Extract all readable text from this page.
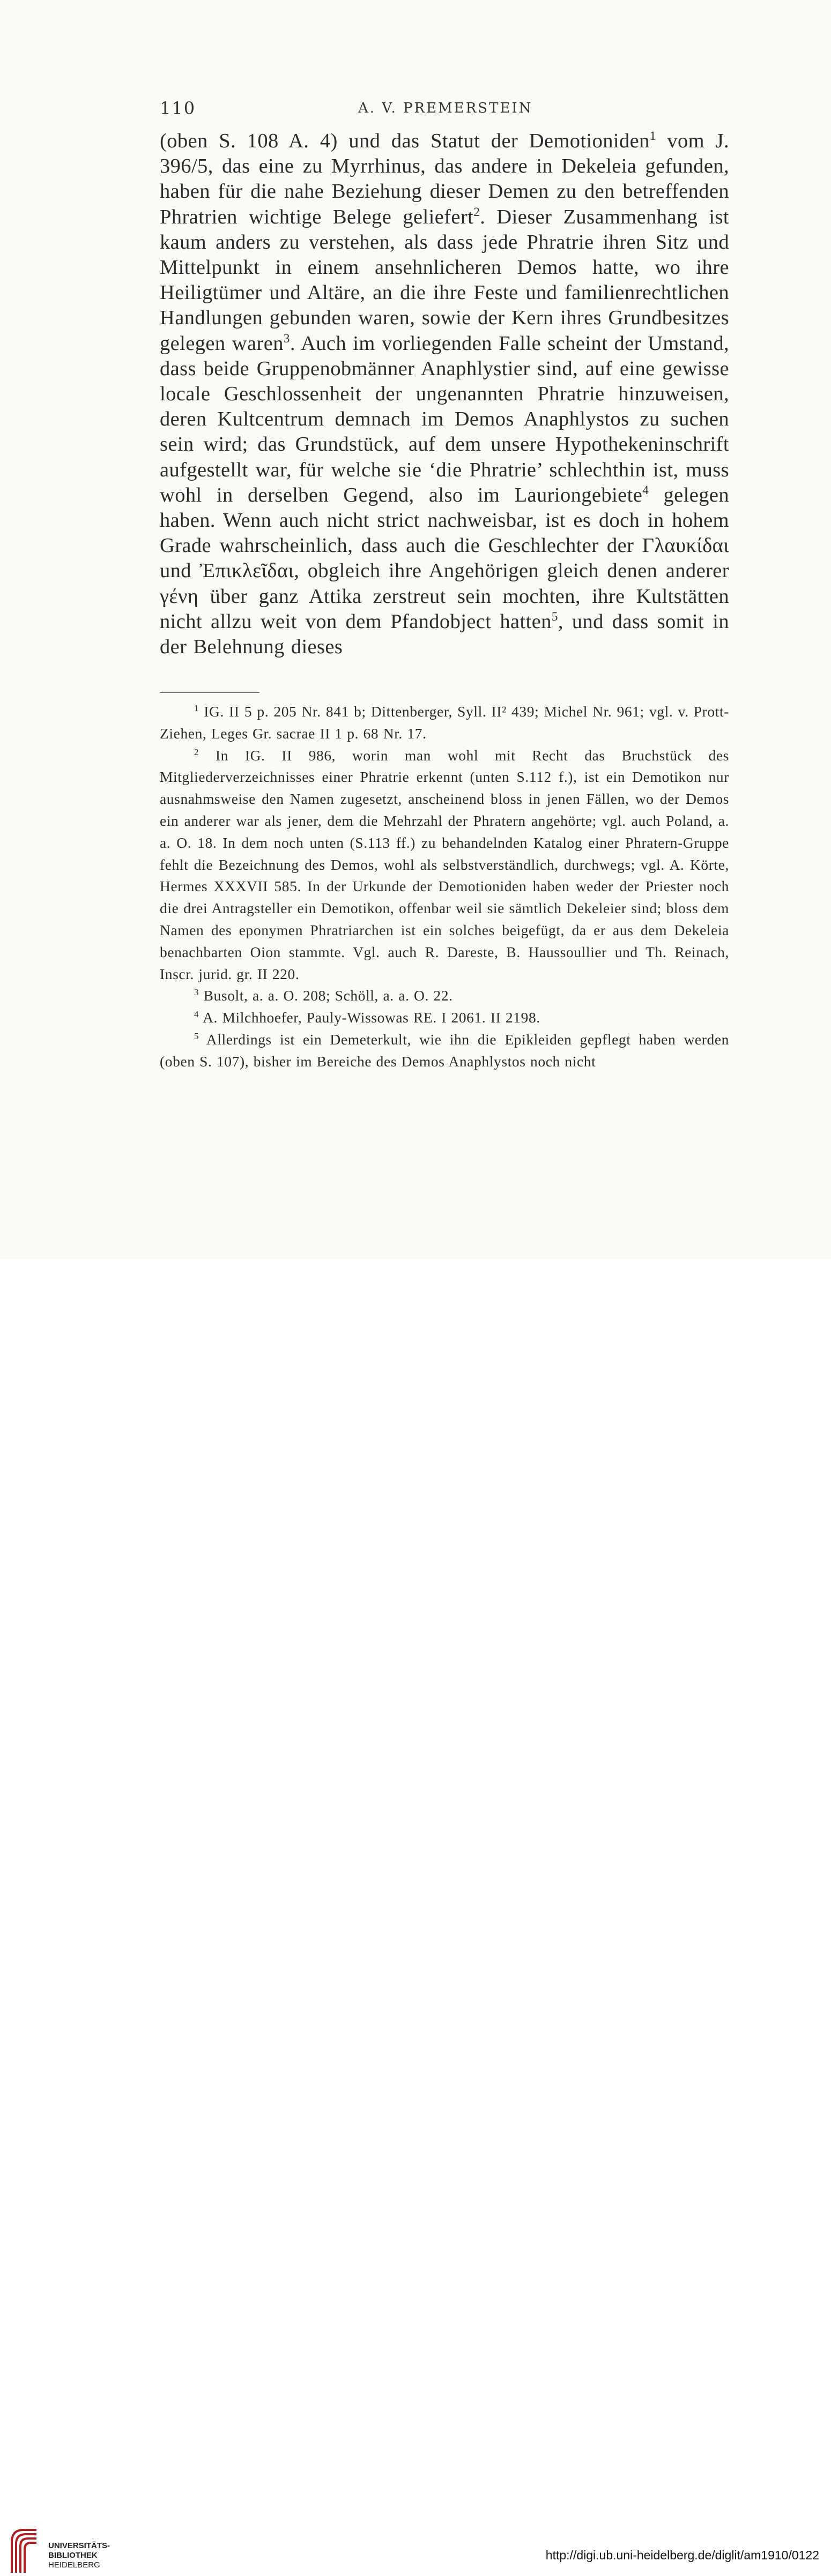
110	A. V. PREMERSTEIN

(oben S. 108 A. 4) und das Statut der Demotioniden$^1$ vom J. 396/5, das eine zu Myrrhinus, das andere in Dekeleia gefunden, haben für die nahe Beziehung dieser Demen zu den betreffenden Phratrien wichtige Belege geliefert$^2$. Dieser Zusammenhang ist kaum anders zu verstehen, als dass jede Phratrie ihren Sitz und Mittelpunkt in einem ansehnlicheren Demos hatte, wo ihre Heiligtümer und Altäre, an die ihre Feste und familienrechtlichen Handlungen gebunden waren, sowie der Kern ihres Grundbesitzes gelegen waren$^3$. Auch im vorliegenden Falle scheint der Umstand, dass beide Gruppenobmänner Anaphlystier sind, auf eine gewisse locale Geschlossenheit der ungenannten Phratrie hinzuweisen, deren Kultcentrum demnach im Demos Anaphlystos zu suchen sein wird; das Grundstück, auf dem unsere Hypothekeninschrift aufgestellt war, für welche sie ‘die Phratrie’ schlechthin ist, muss wohl in derselben Gegend, also im Lauriongebiete$^4$ gelegen haben. Wenn auch nicht strict nachweisbar, ist es doch in hohem Grade wahrscheinlich, dass auch die Geschlechter der Γλαυκίδαι und Ἐπικλεῖδαι, obgleich ihre Angehörigen gleich denen anderer γένη über ganz Attika zerstreut sein mochten, ihre Kultstätten nicht allzu weit von dem Pfandobject hatten$^5$, und dass somit in der Belehnung dieses

$^1$ IG. II 5 p. 205 Nr. 841 b; Dittenberger, Syll. II² 439; Michel Nr. 961; vgl. v. Prott-Ziehen, Leges Gr. sacrae II 1 p. 68 Nr. 17.

$^2$ In IG. II 986, worin man wohl mit Recht das Bruchstück des Mitgliederverzeichnisses einer Phratrie erkennt (unten S.112 f.), ist ein Demotikon nur ausnahmsweise den Namen zugesetzt, anscheinend bloss in jenen Fällen, wo der Demos ein anderer war als jener, dem die Mehrzahl der Phratern angehörte; vgl. auch Poland, a. a. O. 18. In dem noch unten (S.113 ff.) zu behandelnden Katalog einer Phratern-Gruppe fehlt die Bezeichnung des Demos, wohl als selbstverständlich, durchwegs; vgl. A. Körte, Hermes XXXVII 585. In der Urkunde der Demotioniden haben weder der Priester noch die drei Antragsteller ein Demotikon, offenbar weil sie sämtlich Dekeleier sind; bloss dem Namen des eponymen Phratriarchen ist ein solches beigefügt, da er aus dem Dekeleia benachbarten Oion stammte. Vgl. auch R. Dareste, B. Haussoullier und Th. Reinach, Inscr. jurid. gr. II 220.

$^3$ Busolt, a. a. O. 208; Schöll, a. a. O. 22.

$^4$ A. Milchhoefer, Pauly-Wissowas RE. I 2061. II 2198.

$^5$ Allerdings ist ein Demeterkult, wie ihn die Epikleiden gepflegt haben werden (oben S. 107), bisher im Bereiche des Demos Anaphlystos noch nicht

UNIVERSITÄTS-
BIBLIOTHEK
HEIDELBERG
http://digi.ub.uni-heidelberg.de/diglit/am1910/0122
